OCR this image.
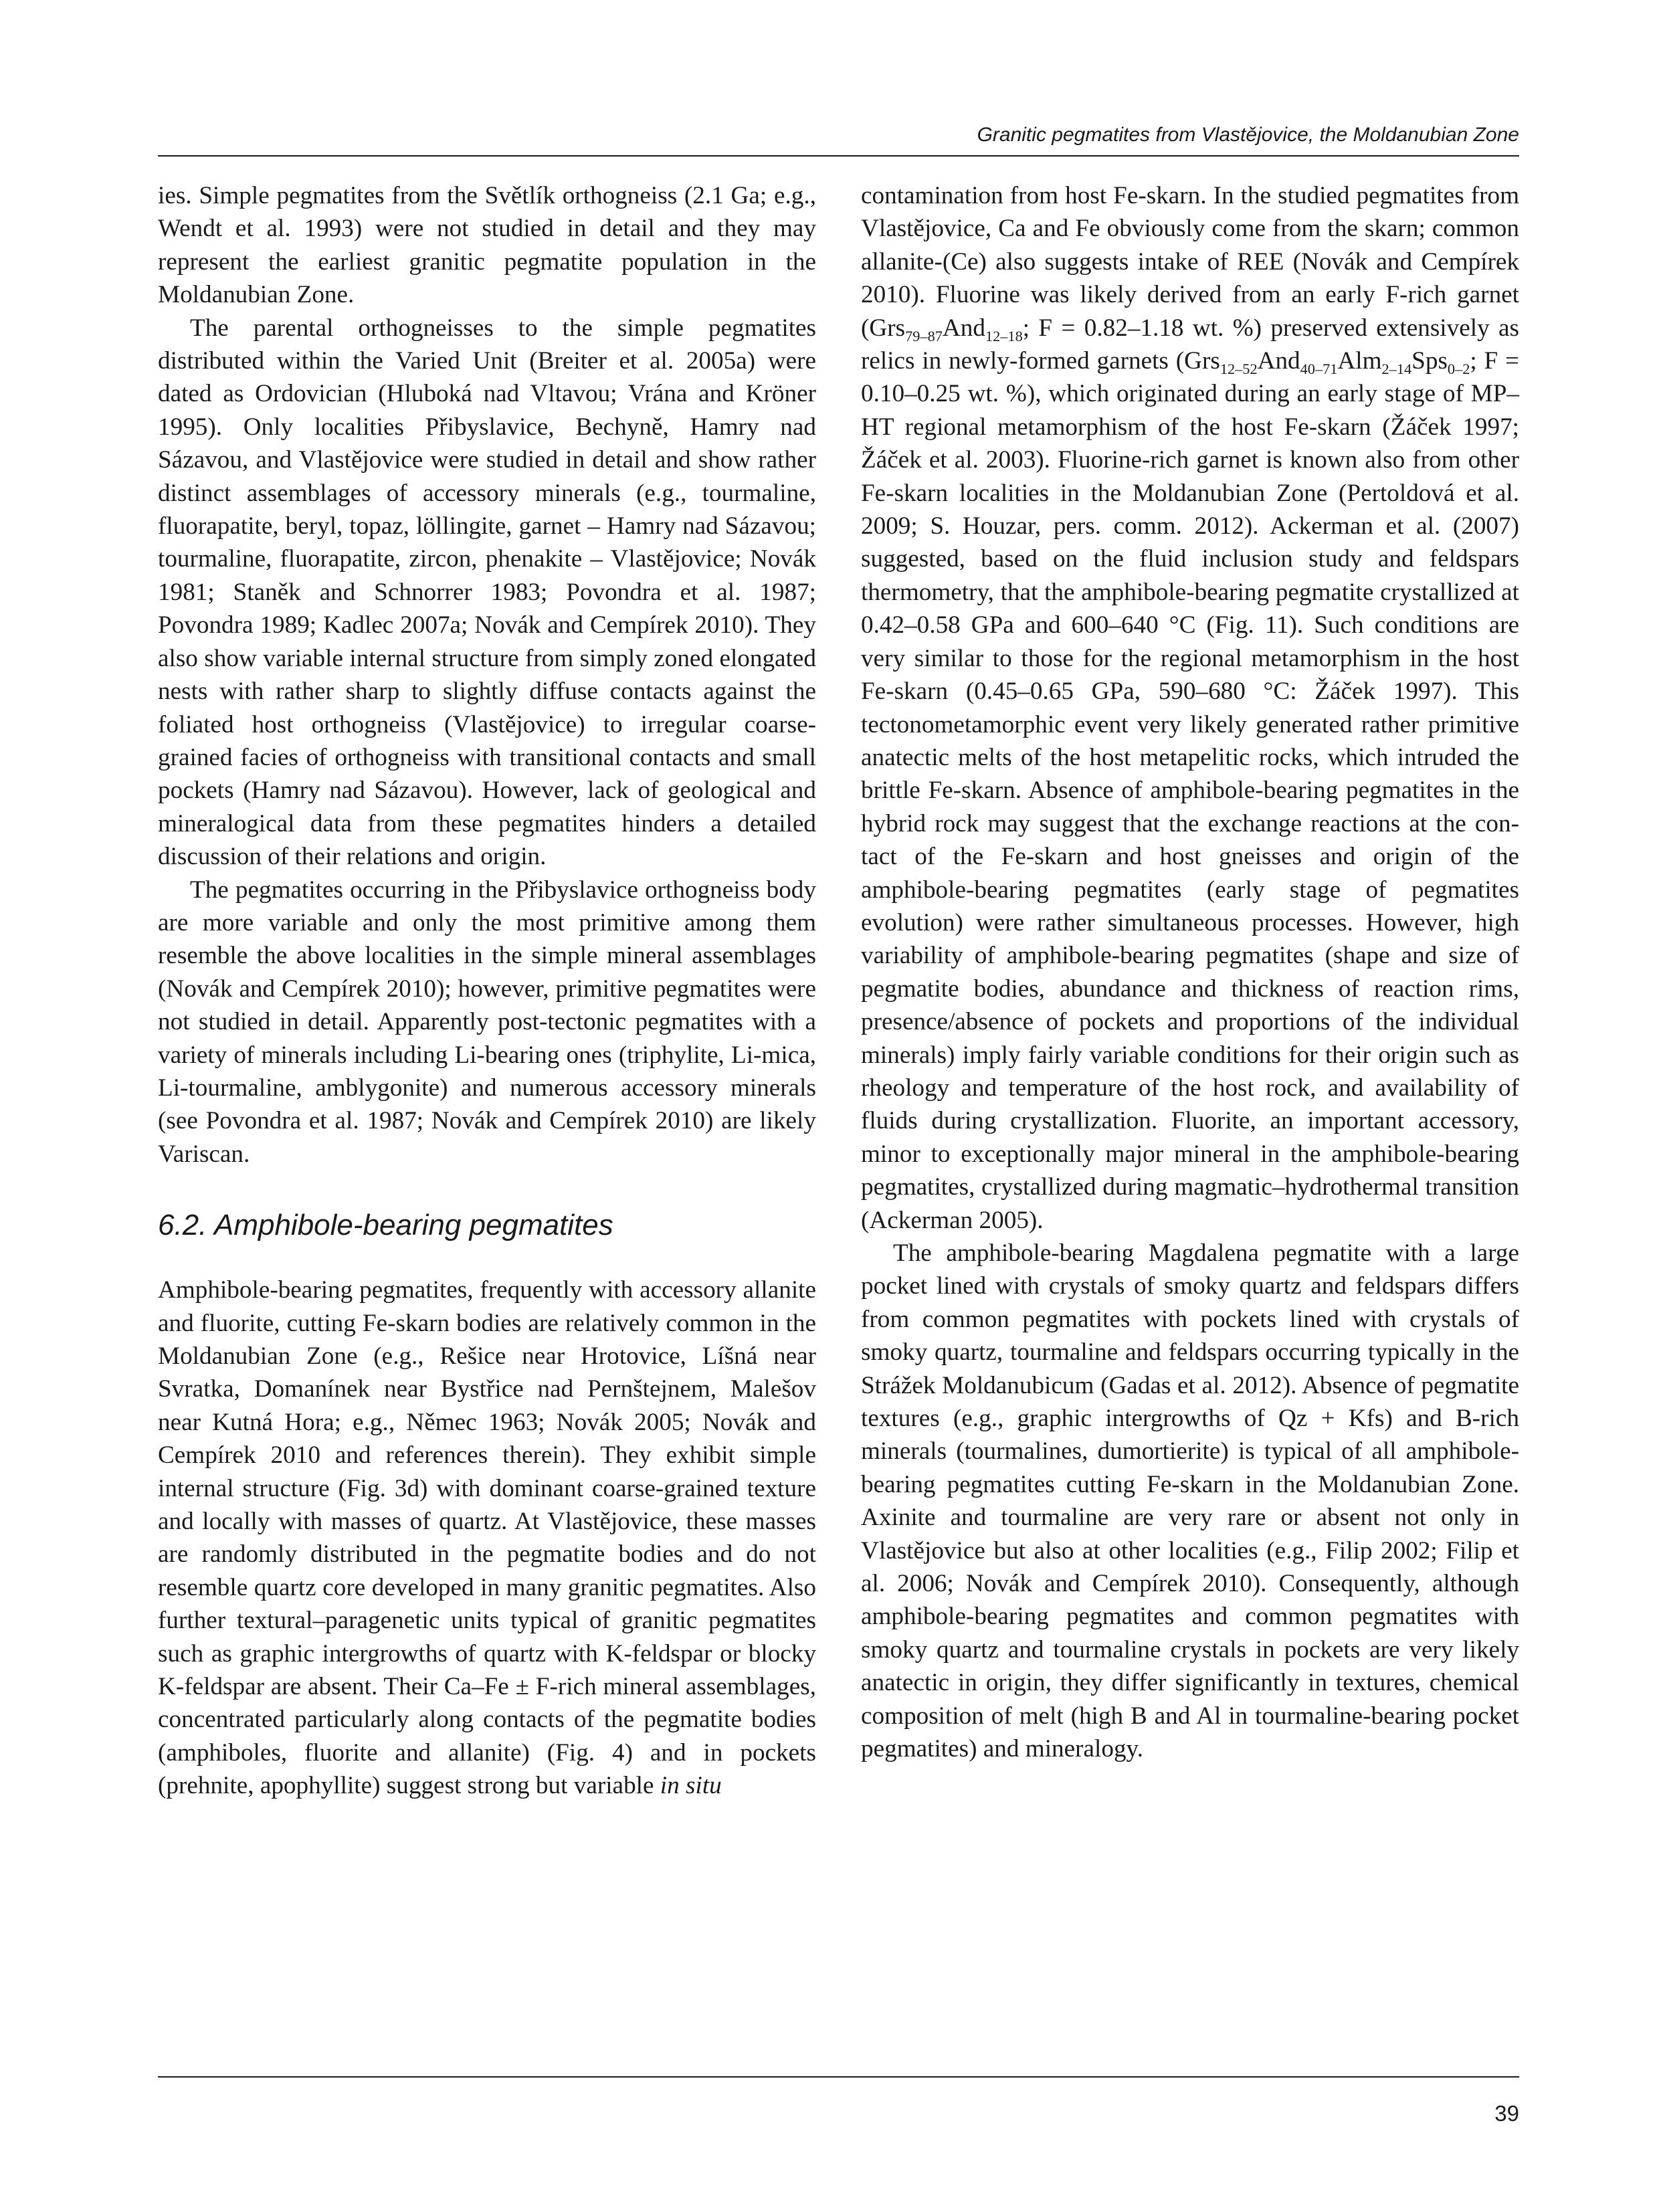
Granitic pegmatites from Vlastějovice, the Moldanubian Zone

ies. Simple pegmatites from the Světlík orthogneiss (2.1 Ga; e.g., Wendt et al. 1993) were not studied in detail and they may represent the earliest granitic pegmatite population in the Moldanubian Zone.

The parental orthogneisses to the simple pegmatites distributed within the Varied Unit (Breiter et al. 2005a) were dated as Ordovician (Hluboká nad Vltavou; Vrána and Kröner 1995). Only localities Přibyslavice, Bechyně, Hamry nad Sázavou, and Vlastějovice were studied in detail and show rather distinct assemblages of accessory minerals (e.g., tourmaline, fluorapatite, beryl, topaz, löllingite, garnet – Hamry nad Sázavou; tourmaline, fluorapatite, zircon, phenakite – Vlastějovice; Novák 1981; Staněk and Schnorrer 1983; Povondra et al. 1987; Povondra 1989; Kadlec 2007a; Novák and Cempírek 2010). They also show variable internal structure from simply zoned elongated nests with rather sharp to slightly diffuse contacts against the foliated host orthogneiss (Vlastějovice) to irregular coarse-grained facies of orthogneiss with transitional contacts and small pockets (Hamry nad Sázavou). However, lack of geological and mineralogical data from these pegmatites hinders a detailed discussion of their relations and origin.

The pegmatites occurring in the Přibyslavice orthogneiss body are more variable and only the most primitive among them resemble the above localities in the simple mineral assemblages (Novák and Cempírek 2010); however, primitive pegmatites were not studied in detail. Apparently post-tectonic pegmatites with a variety of minerals including Li-bearing ones (triphylite, Li-mica, Li-tourmaline, amblygonite) and numerous accessory minerals (see Povondra et al. 1987; Novák and Cempírek 2010) are likely Variscan.

6.2. Amphibole-bearing pegmatites

Amphibole-bearing pegmatites, frequently with accessory allanite and fluorite, cutting Fe-skarn bodies are relatively common in the Moldanubian Zone (e.g., Rešice near Hrotovice, Líšná near Svratka, Domanínek near Bystřice nad Pernštejnem, Malešov near Kutná Hora; e.g., Němec 1963; Novák 2005; Novák and Cempírek 2010 and references therein). They exhibit simple internal structure (Fig. 3d) with dominant coarse-grained texture and locally with masses of quartz. At Vlastějovice, these masses are randomly distributed in the pegmatite bodies and do not resemble quartz core developed in many granitic pegmatites. Also further textural–paragenetic units typical of granitic pegmatites such as graphic intergrowths of quartz with K-feldspar or blocky K-feldspar are absent. Their Ca–Fe ± F-rich mineral assemblages, concentrated particularly along contacts of the pegmatite bodies (amphiboles, fluorite and allanite) (Fig. 4) and in pockets (prehnite, apophyllite) suggest strong but variable in situ

contamination from host Fe-skarn. In the studied pegmatites from Vlastějovice, Ca and Fe obviously come from the skarn; common allanite-(Ce) also suggests intake of REE (Novák and Cempírek 2010). Fluorine was likely derived from an early F-rich garnet (Grs$_{79-87}$And$_{12-18}$; F = 0.82–1.18 wt. %) preserved extensively as relics in newly-formed garnets (Grs$_{12-52}$And$_{40-71}$Alm$_{2-14}$Sps$_{0-2}$; F = 0.10–0.25 wt. %), which originated during an early stage of MP–HT regional metamorphism of the host Fe-skarn (Žáček 1997; Žáček et al. 2003). Fluorine-rich garnet is known also from other Fe-skarn localities in the Moldanubian Zone (Pertoldová et al. 2009; S. Houzar, pers. comm. 2012). Ackerman et al. (2007) suggested, based on the fluid inclusion study and feldspars thermometry, that the amphibole-bearing pegmatite crystallized at 0.42–0.58 GPa and 600–640 °C (Fig. 11). Such conditions are very similar to those for the regional metamorphism in the host Fe-skarn (0.45–0.65 GPa, 590–680 °C: Žáček 1997). This tectonometamorphic event very likely generated rather primitive anatectic melts of the host metapelitic rocks, which intruded the brittle Fe-skarn. Absence of amphibole-bearing pegmatites in the hybrid rock may suggest that the exchange reactions at the contact of the Fe-skarn and host gneisses and origin of the amphibole-bearing pegmatites (early stage of pegmatites evolution) were rather simultaneous processes. However, high variability of amphibole-bearing pegmatites (shape and size of pegmatite bodies, abundance and thickness of reaction rims, presence/absence of pockets and proportions of the individual minerals) imply fairly variable conditions for their origin such as rheology and temperature of the host rock, and availability of fluids during crystallization. Fluorite, an important accessory, minor to exceptionally major mineral in the amphibole-bearing pegmatites, crystallized during magmatic–hydrothermal transition (Ackerman 2005).

The amphibole-bearing Magdalena pegmatite with a large pocket lined with crystals of smoky quartz and feldspars differs from common pegmatites with pockets lined with crystals of smoky quartz, tourmaline and feldspars occurring typically in the Strážek Moldanubicum (Gadas et al. 2012). Absence of pegmatite textures (e.g., graphic intergrowths of Qz + Kfs) and B-rich minerals (tourmalines, dumortierite) is typical of all amphibole-bearing pegmatites cutting Fe-skarn in the Moldanubian Zone. Axinite and tourmaline are very rare or absent not only in Vlastějovice but also at other localities (e.g., Filip 2002; Filip et al. 2006; Novák and Cempírek 2010). Consequently, although amphibole-bearing pegmatites and common pegmatites with smoky quartz and tourmaline crystals in pockets are very likely anatectic in origin, they differ significantly in textures, chemical composition of melt (high B and Al in tourmaline-bearing pocket pegmatites) and mineralogy.

39
